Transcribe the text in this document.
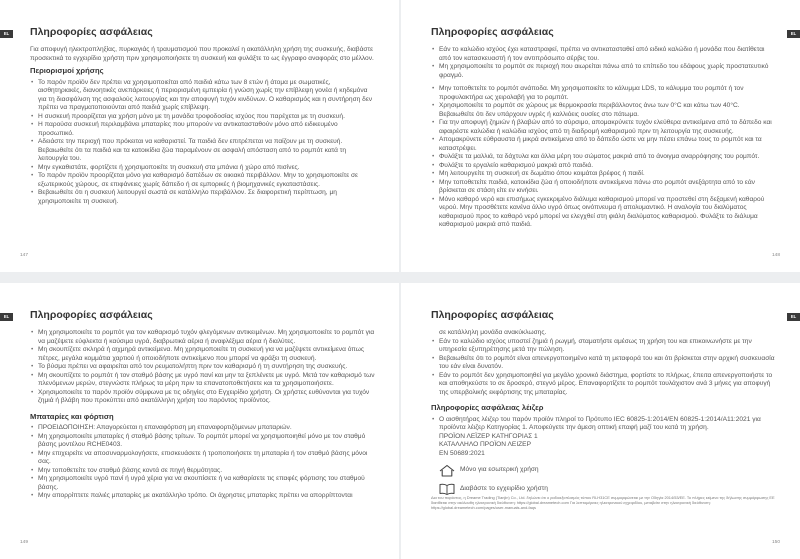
EL	Πληροφορίες ασφάλειας

Για αποφυγή ηλεκτροπληξίας, πυρκαγιάς ή τραυματισμού που προκαλεί η ακατάλληλη χρήση της συσκευής, διαβάστε προσεκτικά το εγχειρίδιο χρήστη πριν χρησιμοποιήσετε τη συσκευή και φυλάξτε το ως έγγραφο αναφοράς στο μέλλον.

Περιορισμοί χρήσης
• Το παρόν προϊόν δεν πρέπει να χρησιμοποιείται από παιδιά κάτω των 8 ετών ή άτομα με σωματικές, αισθητηριακές, διανοητικές ανεπάρκειες ή περιορισμένη εμπειρία ή γνώση χωρίς την επίβλεψη γονέα ή κηδεμόνα για τη διασφάλιση της ασφαλούς λειτουργίας και την αποφυγή τυχόν κινδύνων. Ο καθαρισμός και η συντήρηση δεν πρέπει να πραγματοποιούνται από παιδιά χωρίς επίβλεψη.
• Η συσκευή προορίζεται για χρήση μόνο με τη μονάδα τροφοδοσίας ισχύος που παρέχεται με τη συσκευή.
• Η παρούσα συσκευή περιλαμβάνει μπαταρίες που μπορούν να αντικατασταθούν μόνο από ειδικευμένο προσωπικό.
• Αδειάστε την περιοχή που πρόκειται να καθαριστεί. Τα παιδιά δεν επιτρέπεται να παίζουν με τη συσκευή. Βεβαιωθείτε ότι τα παιδιά και τα κατοικίδια ζώα παραμένουν σε ασφαλή απόσταση από το ρομπότ κατά τη λειτουργία του.
• Μην εγκαθιστάτε, φορτίζετε ή χρησιμοποιείτε τη συσκευή στα μπάνια ή χώρο από πισίνες.
• Το παρόν προϊόν προορίζεται μόνο για καθαρισμό δαπέδων σε οικιακό περιβάλλον. Μην το χρησιμοποιείτε σε εξωτερικούς χώρους, σε επιφάνειες χωρίς δάπεδο ή σε εμπορικές ή βιομηχανικές εγκαταστάσεις.
• Βεβαιωθείτε ότι η συσκευή λειτουργεί σωστά σε κατάλληλο περιβάλλον. Σε διαφορετική περίπτωση, μη χρησιμοποιείτε τη συσκευή.
147
EL
Πληροφορίες ασφάλειας
• Εάν το καλώδιο ισχύος έχει καταστραφεί, πρέπει να αντικατασταθεί από ειδικό καλώδιο ή μονάδα που διατίθεται από τον κατασκευαστή ή τον αντιπρόσωπο σέρβις του.
• Μη χρησιμοποιείτε το ρομπότ σε περιοχή που αιωρείται πάνω από το επίπεδο του εδάφους χωρίς προστατευτικό φραγμό.
• Μην τοποθετείτε το ρομπότ ανάποδα. Μη χρησιμοποιείτε το κάλυμμα LDS, το κάλυμμα του ρομπότ ή τον προφυλακτήρα ως χειρολαβή για το ρομπότ.
• Χρησιμοποιείτε το ρομπότ σε χώρους με θερμοκρασία περιβάλλοντος άνω των 0°C και κάτω των 40°C. Βεβαιωθείτε ότι δεν υπάρχουν υγρές ή καλλιόεις ουσίες στο πάτωμα.
• Για την αποφυγή ζημιών ή βλαβών από το σύρσιμο, απομακρύνετε τυχόν ελεύθερα αντικείμενα από το δάπεδο και αφαιρέστε καλώδια ή καλώδια ισχύος από τη διαδρομή καθαρισμού πριν τη λειτουργία της συσκευής.
• Απομακρύνετε εύθραυστα ή μικρά αντικείμενα από το δάπεδο ώστε να μην πέσει επάνω τους το ρομπότ και τα καταστρέψει.
• Φυλάξτε τα μαλλιά, τα δάχτυλα και άλλα μέρη του σώματος μακριά από το άνοιγμα αναρρόφησης του ρομπότ.
• Φυλάξτε το εργαλείο καθαρισμού μακριά από παιδιά.
• Μη λειτουργείτε τη συσκευή σε δωμάτιο όπου κοιμάται βρέφος ή παιδί.
• Μην τοποθετείτε παιδιά, κατοικίδια ζώα ή οποιοδήποτε αντικείμενα πάνω στο ρομπότ ανεξάρτητα από το εάν βρίσκεται σε στάση είτε εν κινήσει.
• Μόνο καθαρό νερό και επισήμως εγκεκριμένο διάλυμα καθαρισμού μπορεί να προστεθεί στη δεξαμενή καθαρού νερού. Μην προσθέτετε κανένα άλλο υγρό όπως οινόπνευμα ή απολυμαντικό. Η αναλογία του διαλύματος καθαρισμού προς το καθαρό νερό μπορεί να ελεγχθεί στη φιάλη διαλύματος καθαρισμού. Φυλάξτε το διάλυμα καθαρισμού μακριά από παιδιά.
148
EL	Πληροφορίες ασφάλειας
• Μη χρησιμοποιείτε το ρομπότ για τον καθαρισμό τυχόν φλεγόμενων αντικειμένων. Μη χρησιμοποιείτε το ρομπότ για να μαζέψετε εύφλεκτα ή καύσιμα υγρά, διαβρωτικά αέρια ή αναφλέξιμα αέρια ή διαλύτες.
• Μη σκουπίζετε σκληρά ή αιχμηρά αντικείμενα. Μη χρησιμοποιείτε τη συσκευή για να μαζέψετε αντικείμενα όπως πέτρες, μεγάλα κομμάτια χαρτιού ή οποιοδήποτε αντικείμενο που μπορεί να φράξει τη συσκευή.
• Το βύσμα πρέπει να αφαιρείται από τον ρευματολήπτη πριν τον καθαρισμό ή τη συντήρηση της συσκευής.
• Μη σκουπίζετε το ρομπότ ή τον σταθμό βάσης με υγρό πανί και μην τα ξεπλένετε με υγρό. Μετά τον καθαρισμό των πλενόμενων μερών, στεγνώστε πλήρως τα μέρη πριν τα επανατοποθετήσετε και τα χρησιμοποιήσετε.
• Χρησιμοποιείτε το παρόν προϊόν σύμφωνα με τις οδηγίες στο Εγχειρίδιο χρήστη. Οι χρήστες ευθύνονται για τυχόν ζημιά ή βλάβη που προκύπτει από ακατάλληλη χρήση του παρόντος προϊόντος.
Μπαταρίες και φόρτιση
• ΠΡΟΕΙΔΟΠΟΙΗΣΗ: Απαγορεύεται η επαναφόρτιση μη επαναφορτιζόμενων μπαταριών.
• Μη χρησιμοποιείτε μπαταρίες ή σταθμό βάσης τρίτων. Το ρομπότ μπορεί να χρησιμοποιηθεί μόνο με τον σταθμό βάσης μοντέλου RCHE0403.
• Μην επιχειρείτε να αποσυναρμολογήσετε, επισκευάσετε ή τροποποιήσετε τη μπαταρία ή τον σταθμό βάσης μόνοι σας.
• Μην τοποθετείτε τον σταθμό βάσης κοντά σε πηγή θερμότητας.
• Μη χρησιμοποιείτε υγρό πανί ή υγρά χέρια για να σκουπίσετε ή να καθαρίσετε τις επαφές φόρτισης του σταθμού βάσης.
• Μην απορρίπτετε παλιές μπαταρίες με ακατάλληλο τρόπο. Οι άχρηστες μπαταρίες πρέπει να απορρίπτονται
149
EL
Πληροφορίες ασφάλειας

σε κατάλληλη μονάδα ανακύκλωσης.

• Εάν το καλώδιο ισχύος υποστεί ζημιά ή ρωγμή, σταματήστε αμέσως τη χρήση του και επικοινωνήστε με την υπηρεσία εξυπηρέτησης μετά την πώληση.
• Βεβαιωθείτε ότι το ρομπότ είναι απενεργοποιημένο κατά τη μεταφορά του και ότι βρίσκεται στην αρχική συσκευασία του εάν είναι δυνατόν.
• Εάν το ρομπότ δεν χρησιμοποιηθεί για μεγάλο χρονικό διάστημα, φορτίστε το πλήρως, έπειτα απενεργοποιήστε το και αποθηκεύστε το σε δροσερό, στεγνό μέρος. Επαναφορτίζετε το ρομπότ τουλάχιστον ανά 3 μήνες για αποφυγή της υπερβολικής εκφόρτισης της μπαταρίας.
Πληροφορίες ασφάλειας λέιζερ
• Ο αισθητήρας λέιζερ του παρόν προϊόν πληροί το Πρότυπο IEC 60825-1:2014/EN 60825-1:2014/A11:2021 για προϊόντα λέιζερ Κατηγορίας 1. Αποφεύγετε την άμεση οπτική επαφή μαζί του κατά τη χρήση.

ΠΡΟΪΟΝ ΛΕΪΖΕΡ ΚΑΤΗΓΟΡΙΑΣ 1

ΚΑΤΑΛΛΗΛΟ ΠΡΟΪΟΝ ΛΕΙΖΕΡ

EN 50689:2021

Μόνο για εσωτερική χρήση
Διαβάστε το εγχειρίδιο χρήστη

Δια του παρόντος, η Dreame Trading (Tianjin) Co., Ltd. δηλώνει ότι ο ραδιοεξοπλισμός τύπου RLH31CE συμμορφώνεται με την Οδηγία 2014/53/ΕΕ. Το πλήρες κείμενο της δήλωσης συμμόρφωσης ΕΕ διατίθεται στην ακόλουθη ηλεκτρονική διεύθυνση: https://global.dreametech.com Για λεπτομέρειες ηλεκτρονικού εγχειριδίου, μεταβείτε στην ηλεκτρονική διεύθυνση: https://global.dreametech.com/pages/user-manuals-and-faqs

150
